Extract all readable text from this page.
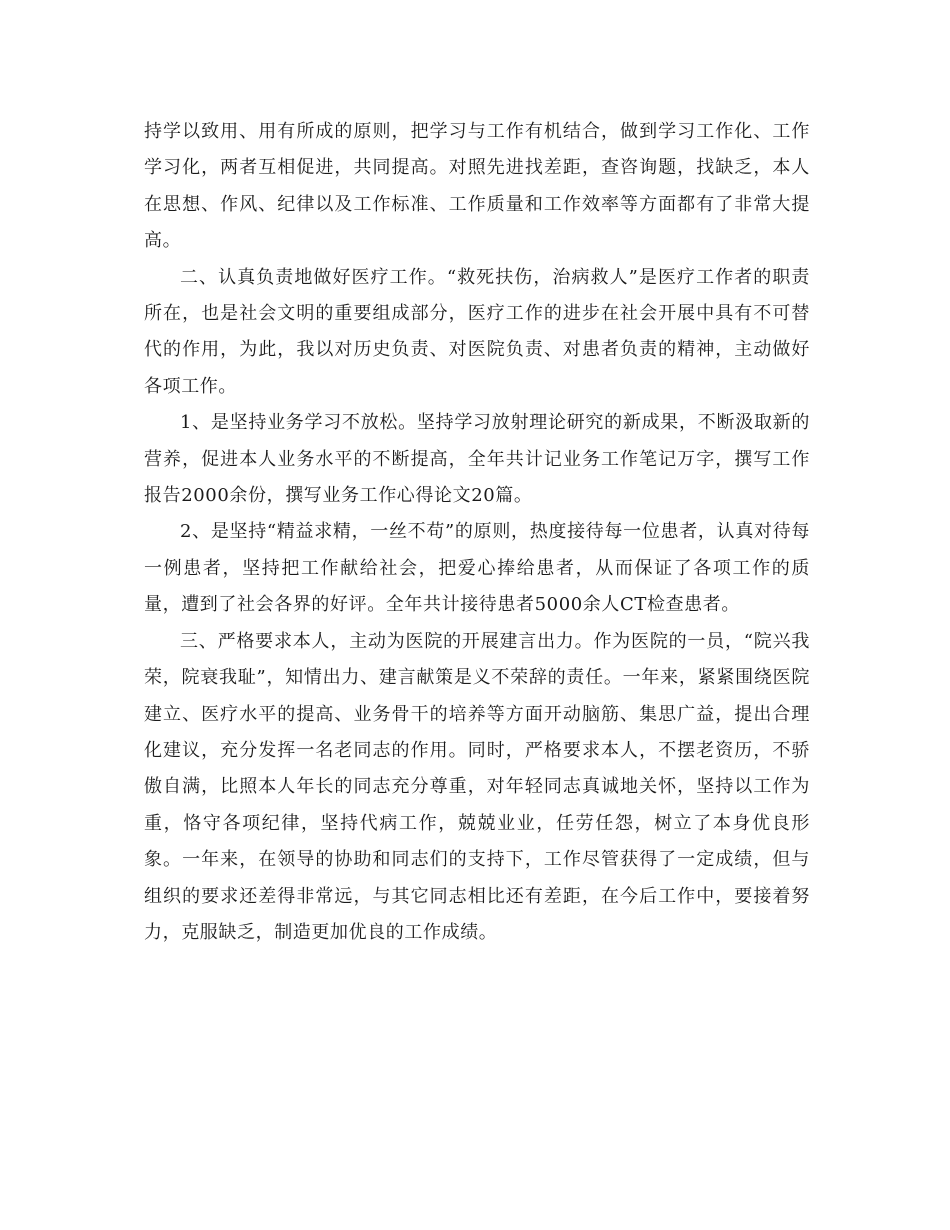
持学以致用、用有所成的原则，把学习与工作有机结合，做到学习工作化、工作学习化，两者互相促进，共同提高。对照先进找差距，查咨询题，找缺乏，本人在思想、作风、纪律以及工作标准、工作质量和工作效率等方面都有了非常大提高。

二、认真负责地做好医疗工作。“救死扶伤，治病救人”是医疗工作者的职责所在，也是社会文明的重要组成部分，医疗工作的进步在社会开展中具有不可替代的作用，为此，我以对历史负责、对医院负责、对患者负责的精神，主动做好各项工作。

1、是坚持业务学习不放松。坚持学习放射理论研究的新成果，不断汲取新的营养，促进本人业务水平的不断提高，全年共计记业务工作笔记万字，撰写工作报告2000余份，撰写业务工作心得论文20篇。

2、是坚持“精益求精，一丝不苟”的原则，热度接待每一位患者，认真对待每一例患者，坚持把工作献给社会，把爱心捧给患者，从而保证了各项工作的质量，遭到了社会各界的好评。全年共计接待患者5000余人CT检查患者。

三、严格要求本人，主动为医院的开展建言出力。作为医院的一员，“院兴我荣，院衰我耻”，知情出力、建言献策是义不荣辞的责任。一年来，紧紧围绕医院建立、医疗水平的提高、业务骨干的培养等方面开动脑筋、集思广益，提出合理化建议，充分发挥一名老同志的作用。同时，严格要求本人，不摆老资历，不骄傲自满，比照本人年长的同志充分尊重，对年轻同志真诚地关怀，坚持以工作为重，恪守各项纪律，坚持代病工作，兢兢业业，任劳任怨，树立了本身优良形象。一年来，在领导的协助和同志们的支持下，工作尽管获得了一定成绩，但与组织的要求还差得非常远，与其它同志相比还有差距，在今后工作中，要接着努力，克服缺乏，制造更加优良的工作成绩。
